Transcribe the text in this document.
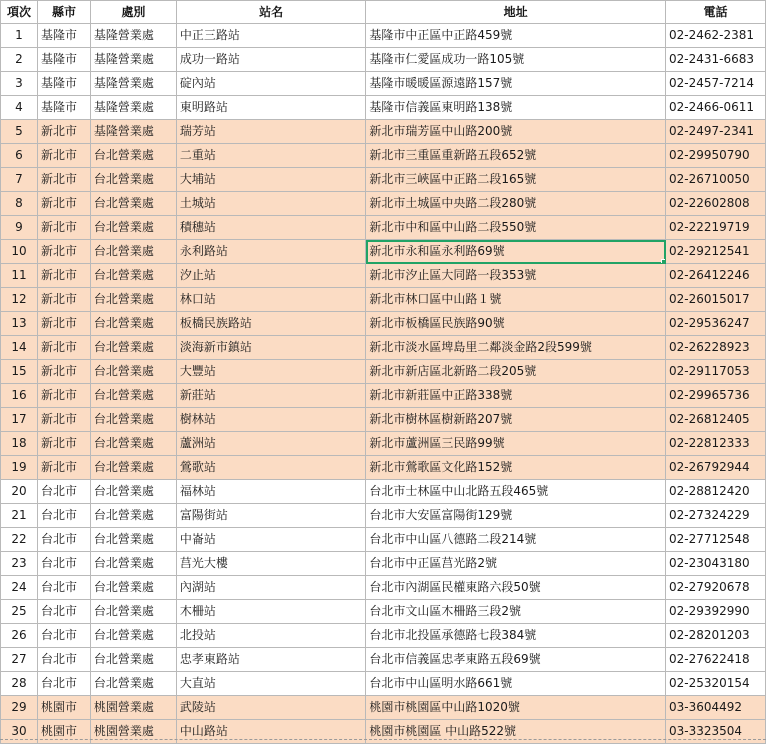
項次	縣市	處別	站名	地址	電話
1	基隆市	基隆營業處	中正三路站	基隆市中正區中正路459號	02-2462-2381
2	基隆市	基隆營業處	成功一路站	基隆市仁愛區成功一路105號	02-2431-6683
3	基隆市	基隆營業處	碇內站	基隆市暖暖區源遠路157號	02-2457-7214
4	基隆市	基隆營業處	東明路站	基隆市信義區東明路138號	02-2466-0611
5	新北市	基隆營業處	瑞芳站	新北市瑞芳區中山路200號	02-2497-2341
6	新北市	台北營業處	二重站	新北市三重區重新路五段652號	02-29950790
7	新北市	台北營業處	大埔站	新北市三峽區中正路二段165號	02-26710050
8	新北市	台北營業處	土城站	新北市土城區中央路二段280號	02-22602808
9	新北市	台北營業處	積穗站	新北市中和區中山路二段550號	02-22219719
10	新北市	台北營業處	永利路站	新北市永和區永利路69號	02-29212541
11	新北市	台北營業處	汐止站	新北市汐止區大同路一段353號	02-26412246
12	新北市	台北營業處	林口站	新北市林口區中山路１號	02-26015017
13	新北市	台北營業處	板橋民族路站	新北市板橋區民族路90號	02-29536247
14	新北市	台北營業處	淡海新市鎮站	新北市淡水區埤島里二鄰淡金路2段599號	02-26228923
15	新北市	台北營業處	大豐站	新北市新店區北新路二段205號	02-29117053
16	新北市	台北營業處	新莊站	新北市新莊區中正路338號	02-29965736
17	新北市	台北營業處	樹林站	新北市樹林區樹新路207號	02-26812405
18	新北市	台北營業處	蘆洲站	新北市蘆洲區三民路99號	02-22812333
19	新北市	台北營業處	鶯歌站	新北市鶯歌區文化路152號	02-26792944
20	台北市	台北營業處	福林站	台北市士林區中山北路五段465號	02-28812420
21	台北市	台北營業處	富陽街站	台北市大安區富陽街129號	02-27324229
22	台北市	台北營業處	中崙站	台北市中山區八德路二段214號	02-27712548
23	台北市	台北營業處	莒光大樓	台北市中正區莒光路2號	02-23043180
24	台北市	台北營業處	內湖站	台北市內湖區民權東路六段50號	02-27920678
25	台北市	台北營業處	木柵站	台北市文山區木柵路三段2號	02-29392990
26	台北市	台北營業處	北投站	台北市北投區承德路七段384號	02-28201203
27	台北市	台北營業處	忠孝東路站	台北市信義區忠孝東路五段69號	02-27622418
28	台北市	台北營業處	大直站	台北市中山區明水路661號	02-25320154
29	桃園市	桃園營業處	武陵站	桃園市桃園區中山路1020號	03-3604492
30	桃園市	桃園營業處	中山路站	桃園市桃園區 中山路522號	03-3323504
